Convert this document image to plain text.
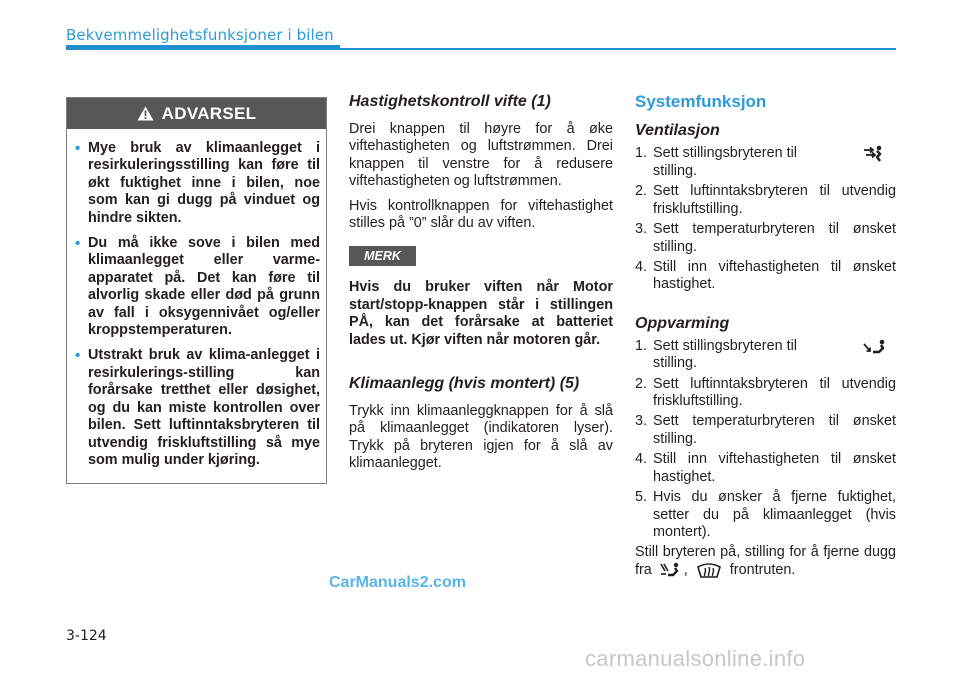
Bekvemmelighetsfunksjoner i bilen
ADVARSEL
• Mye bruk av klimaanlegget i resirkuleringsstilling kan føre til økt fuktighet inne i bilen, noe som kan gi dugg på vinduet og hindre sikten.
• Du må ikke sove i bilen med klimaanlegget eller varme-apparatet på. Det kan føre til alvorlig skade eller død på grunn av fall i oksygennivået og/eller kroppstemperaturen.
• Utstrakt bruk av klima-anlegget i resirkulerings-stilling kan forårsake tretthet eller døsighet, og du kan miste kontrollen over bilen. Sett luftinntaksbryteren til utvendig friskluftstilling så mye som mulig under kjøring.
Hastighetskontroll vifte (1)

Drei knappen til høyre for å øke viftehastigheten og luftstrømmen. Drei knappen til venstre for å redusere viftehastigheten og luftstrømmen.

Hvis kontrollknappen for viftehastighet stilles på ”0” slår du av viften.

MERK

Hvis du bruker viften når Motor start/stopp-knappen står i stillingen PÅ, kan det forårsake at batteriet lades ut. Kjør viften når motoren går.

Klimaanlegg (hvis montert) (5)

Trykk inn klimaanleggknappen for å slå på klimaanlegget (indikatoren lyser). Trykk på bryteren igjen for å slå av klimaanlegget.

Systemfunksjon
Ventilasjon
1. Sett stillingsbryteren til
stilling.
2. Sett luftinntaksbryteren til utvendig friskluftstilling.
3. Sett temperaturbryteren til ønsket stilling.
4. Still inn viftehastigheten til ønsket hastighet.
Oppvarming
1. Sett stillingsbryteren til
stilling.
2. Sett luftinntaksbryteren til utvendig friskluftstilling.
3. Sett temperaturbryteren til ønsket stilling.
4. Still inn viftehastigheten til ønsket hastighet.
5. Hvis du ønsker å fjerne fuktighet, setter du på klimaanlegget (hvis montert).

Still bryteren på, stilling for å fjerne dugg fra ,	frontruten.

CarManuals2.com
3-124
carmanualsonline.info
